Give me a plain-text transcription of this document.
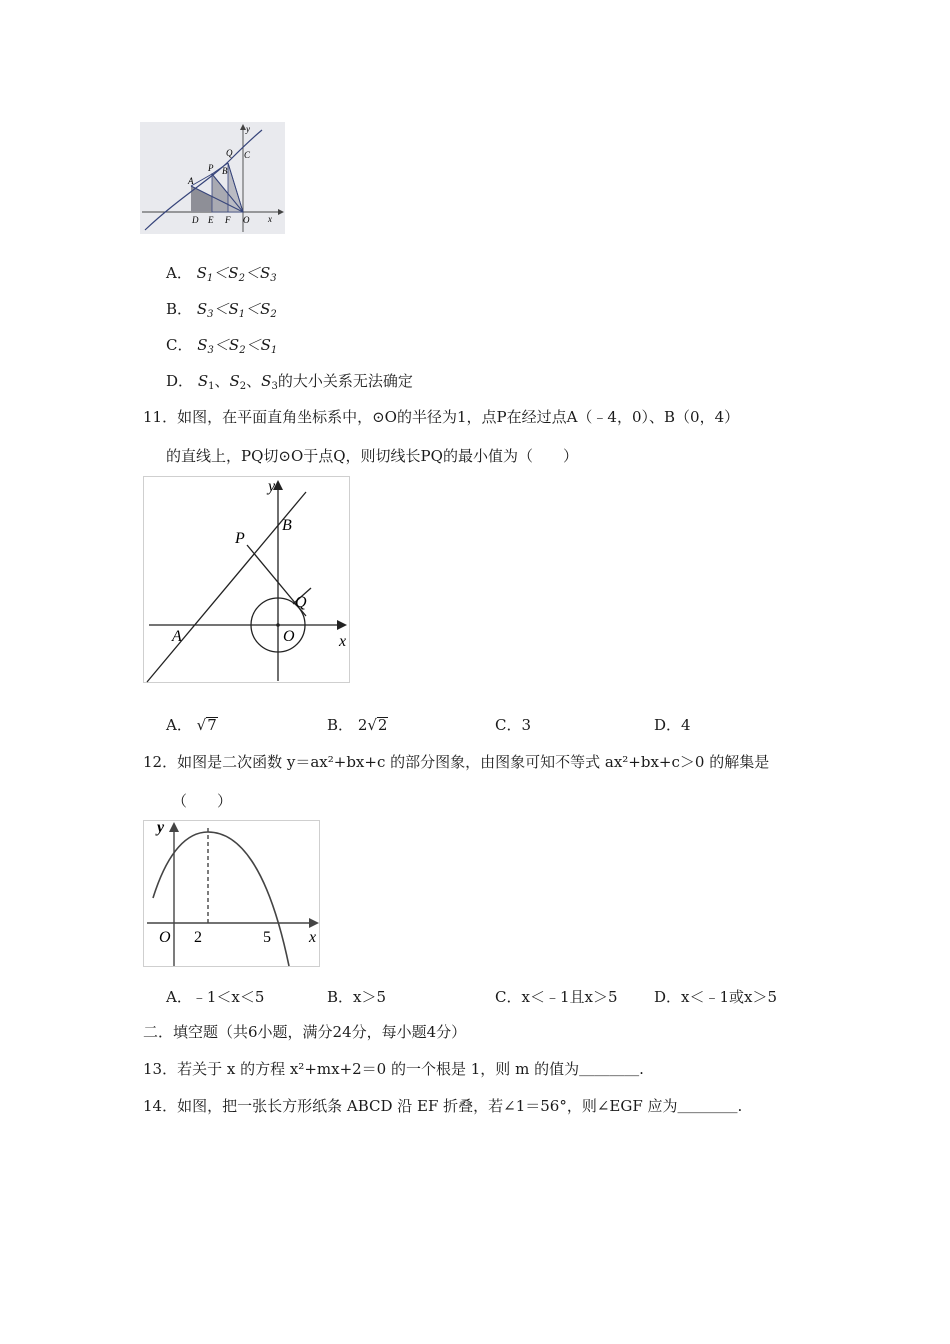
y
x
P
Q C
B
A
D E F O
A． $S_1<S_2<S_3$
B． $S_3<S_1<S_2$
C． $S_3<S_2<S_1$
D． $S_1$、$S_2$、$S_3$的大小关系无法确定
11．如图，在平面直角坐标系中，⊙O的半径为1，点P在经过点A（﹣4，0）、B（0，4）
的直线上，PQ切⊙O于点Q，则切线长PQ的最小值为（　　）
y
x
B
P
Q
A	O
A． √7	B． 2√2	C．3	D．4
12．如图是二次函数 y＝ax²+bx+c 的部分图象，由图象可知不等式 ax²+bx+c＞0 的解集是
（　　）
y
x
O 2	5
A．﹣1＜x＜5	B．x＞5	C．x＜﹣1且x＞5 D．x＜﹣1或x＞5
二．填空题（共6小题，满分24分，每小题4分）
13．若关于 x 的方程 x²+mx+2＝0 的一个根是 1，则 m 的值为＿＿＿＿.
14．如图，把一张长方形纸条 ABCD 沿 EF 折叠，若∠1＝56°，则∠EGF 应为＿＿＿＿.
